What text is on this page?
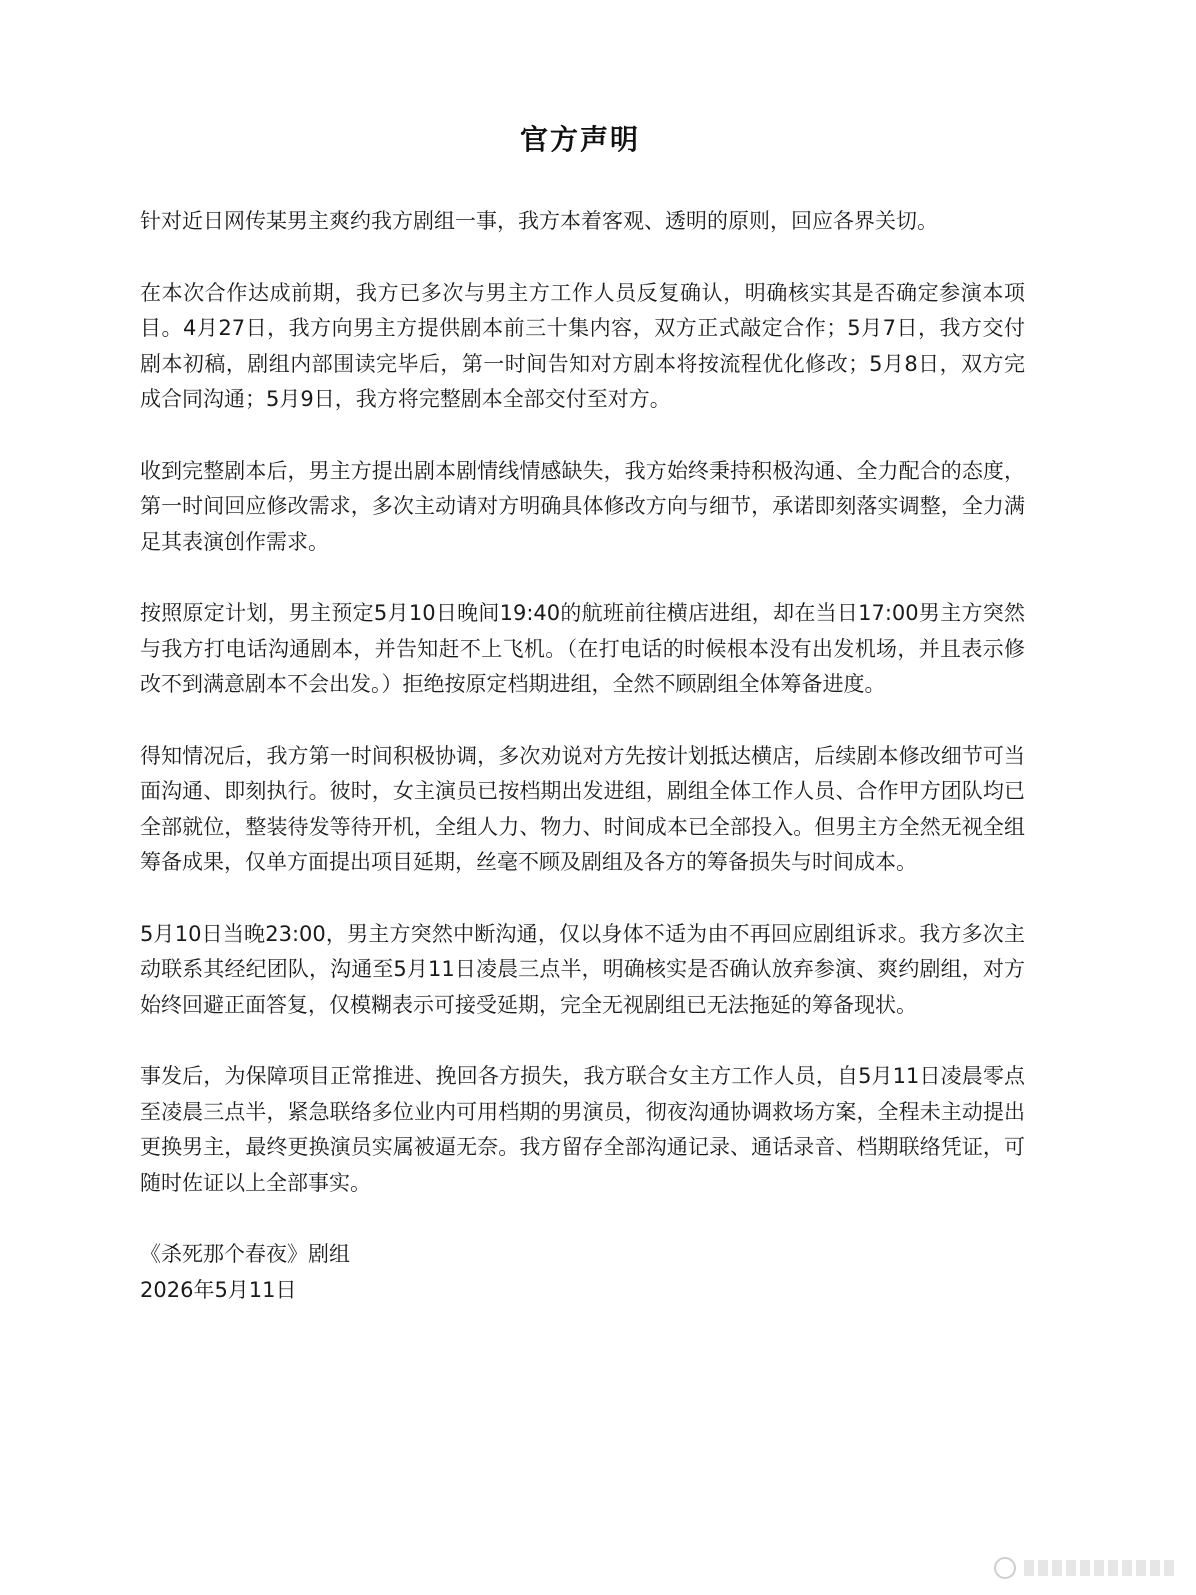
官方声明

针对近日网传某男主爽约我方剧组一事，我方本着客观、透明的原则，回应各界关切。

在本次合作达成前期，我方已多次与男主方工作人员反复确认，明确核实其是否确定参演本项目。4月27日，我方向男主方提供剧本前三十集内容，双方正式敲定合作；5月7日，我方交付剧本初稿，剧组内部围读完毕后，第一时间告知对方剧本将按流程优化修改；5月8日，双方完成合同沟通；5月9日，我方将完整剧本全部交付至对方。

收到完整剧本后，男主方提出剧本剧情线情感缺失，我方始终秉持积极沟通、全力配合的态度，第一时间回应修改需求，多次主动请对方明确具体修改方向与细节，承诺即刻落实调整，全力满足其表演创作需求。

按照原定计划，男主预定5月10日晚间19:40的航班前往横店进组，却在当日17:00男主方突然与我方打电话沟通剧本，并告知赶不上飞机。（在打电话的时候根本没有出发机场，并且表示修改不到满意剧本不会出发。）拒绝按原定档期进组，全然不顾剧组全体筹备进度。

得知情况后，我方第一时间积极协调，多次劝说对方先按计划抵达横店，后续剧本修改细节可当面沟通、即刻执行。彼时，女主演员已按档期出发进组，剧组全体工作人员、合作甲方团队均已全部就位，整装待发等待开机，全组人力、物力、时间成本已全部投入。但男主方全然无视全组筹备成果，仅单方面提出项目延期，丝毫不顾及剧组及各方的筹备损失与时间成本。

5月10日当晚23:00，男主方突然中断沟通，仅以身体不适为由不再回应剧组诉求。我方多次主动联系其经纪团队，沟通至5月11日凌晨三点半，明确核实是否确认放弃参演、爽约剧组，对方始终回避正面答复，仅模糊表示可接受延期，完全无视剧组已无法拖延的筹备现状。

事发后，为保障项目正常推进、挽回各方损失，我方联合女主方工作人员，自5月11日凌晨零点至凌晨三点半，紧急联络多位业内可用档期的男演员，彻夜沟通协调救场方案，全程未主动提出更换男主，最终更换演员实属被逼无奈。我方留存全部沟通记录、通话录音、档期联络凭证，可随时佐证以上全部事实。

《杀死那个春夜》剧组

2026年5月11日
